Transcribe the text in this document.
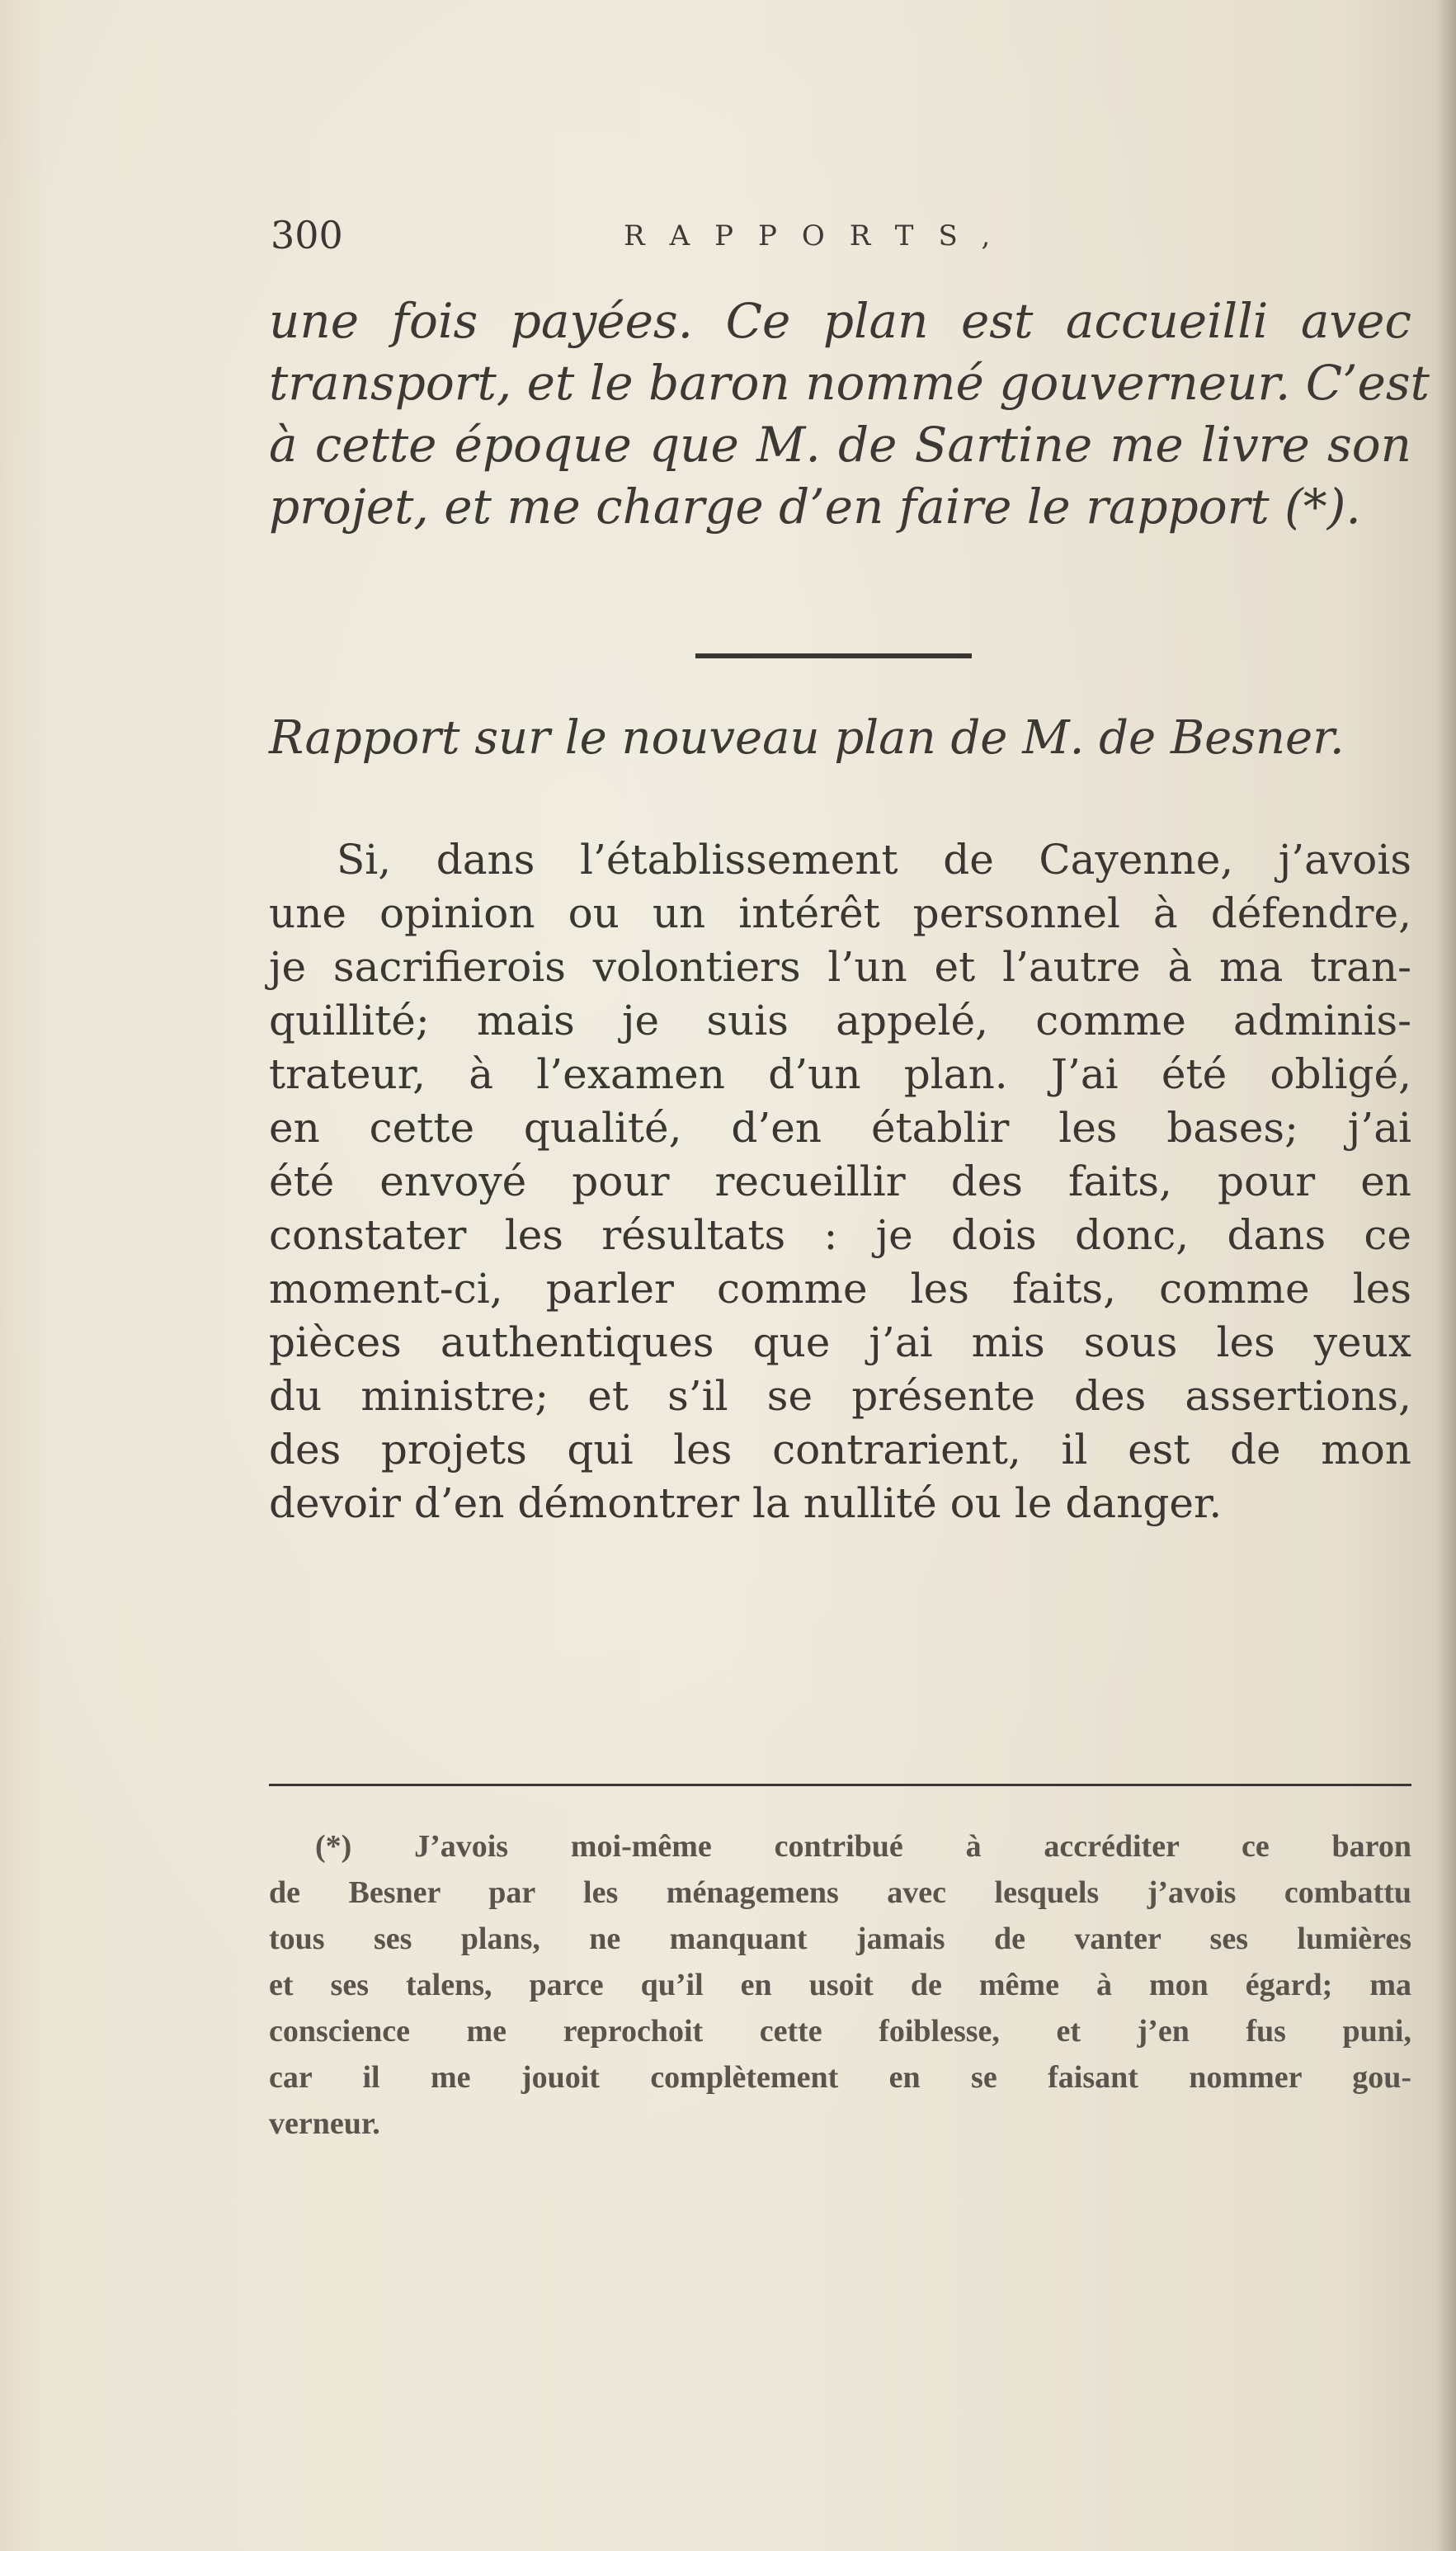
300	RAPPORTS,
une fois payées. Ce plan est accueilli avec
transport, et le baron nommé gouverneur. C’est
à cette époque que M. de Sartine me livre son
projet, et me charge d’en faire le rapport (*).
Rapport sur le nouveau plan de M. de Besner.
Si, dans l’établissement de Cayenne, j’avois
une opinion ou un intérêt personnel à défendre,
je sacrifierois volontiers l’un et l’autre à ma tran-
quillité; mais je suis appelé, comme adminis-
trateur, à l’examen d’un plan. J’ai été obligé,
en cette qualité, d’en établir les bases; j’ai
été envoyé pour recueillir des faits, pour en
constater les résultats : je dois donc, dans ce
moment-ci, parler comme les faits, comme les
pièces authentiques que j’ai mis sous les yeux
du ministre; et s’il se présente des assertions,
des projets qui les contrarient, il est de mon
devoir d’en démontrer la nullité ou le danger.
(*) J’avois moi-même contribué à accréditer ce baron
de Besner par les ménagemens avec lesquels j’avois combattu
tous ses plans, ne manquant jamais de vanter ses lumières
et ses talens, parce qu’il en usoit de même à mon égard; ma
conscience me reprochoit cette foiblesse, et j’en fus puni,
car il me jouoit complètement en se faisant nommer gou-
verneur.
